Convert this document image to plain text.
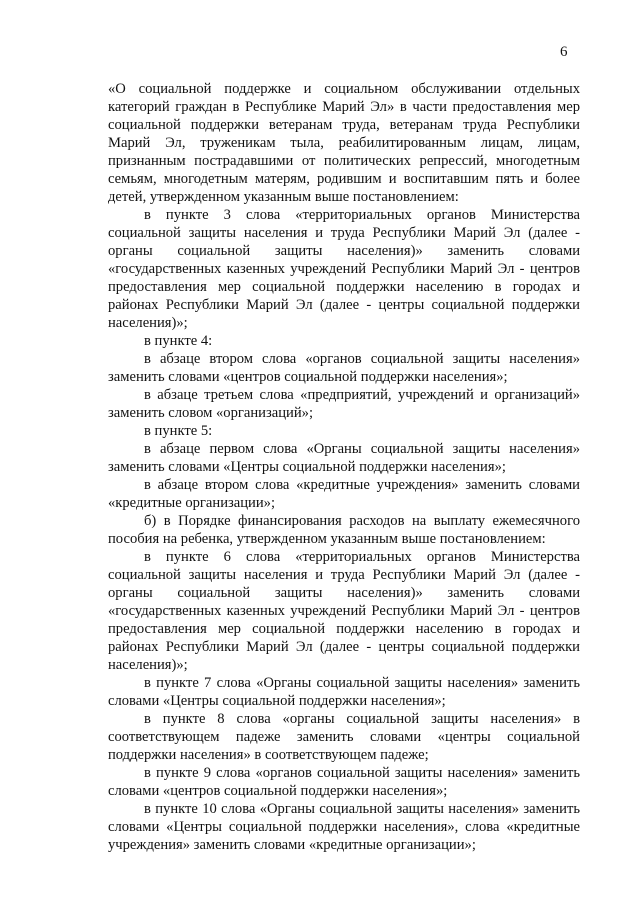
6

«О социальной поддержке и социальном обслуживании отдельных категорий граждан в Республике Марий Эл» в части предоставления мер социальной поддержки ветеранам труда, ветеранам труда Республики Марий Эл, труженикам тыла, реабилитированным лицам, лицам, признанным пострадавшими от политических репрессий, многодетным семьям, многодетным матерям, родившим и воспитавшим пять и более детей, утвержденном указанным выше постановлением:

в пункте 3 слова «территориальных органов Министерства социальной защиты населения и труда Республики Марий Эл (далее - органы социальной защиты населения)» заменить словами «государственных казенных учреждений Республики Марий Эл - центров предоставления мер социальной поддержки населению в городах и районах Республики Марий Эл (далее - центры социальной поддержки населения)»;

в пункте 4:

в абзаце втором слова «органов социальной защиты населения» заменить словами «центров социальной поддержки населения»;

в абзаце третьем слова «предприятий, учреждений и организаций» заменить словом «организаций»;

в пункте 5:

в абзаце первом слова «Органы социальной защиты населения» заменить словами «Центры социальной поддержки населения»;

в абзаце втором слова «кредитные учреждения» заменить словами «кредитные организации»;

б) в Порядке финансирования расходов на выплату ежемесячного пособия на ребенка, утвержденном указанным выше постановлением:

в пункте 6 слова «территориальных органов Министерства социальной защиты населения и труда Республики Марий Эл (далее - органы социальной защиты населения)» заменить словами «государственных казенных учреждений Республики Марий Эл - центров предоставления мер социальной поддержки населению в городах и районах Республики Марий Эл (далее - центры социальной поддержки населения)»;

в пункте 7 слова «Органы социальной защиты населения» заменить словами «Центры социальной поддержки населения»;

в пункте 8 слова «органы социальной защиты населения» в соответствующем падеже заменить словами «центры социальной поддержки населения» в соответствующем падеже;

в пункте 9 слова «органов социальной защиты населения» заменить словами «центров социальной поддержки населения»;

в пункте 10 слова «Органы социальной защиты населения» заменить словами «Центры социальной поддержки населения», слова «кредитные учреждения» заменить словами «кредитные организации»;
